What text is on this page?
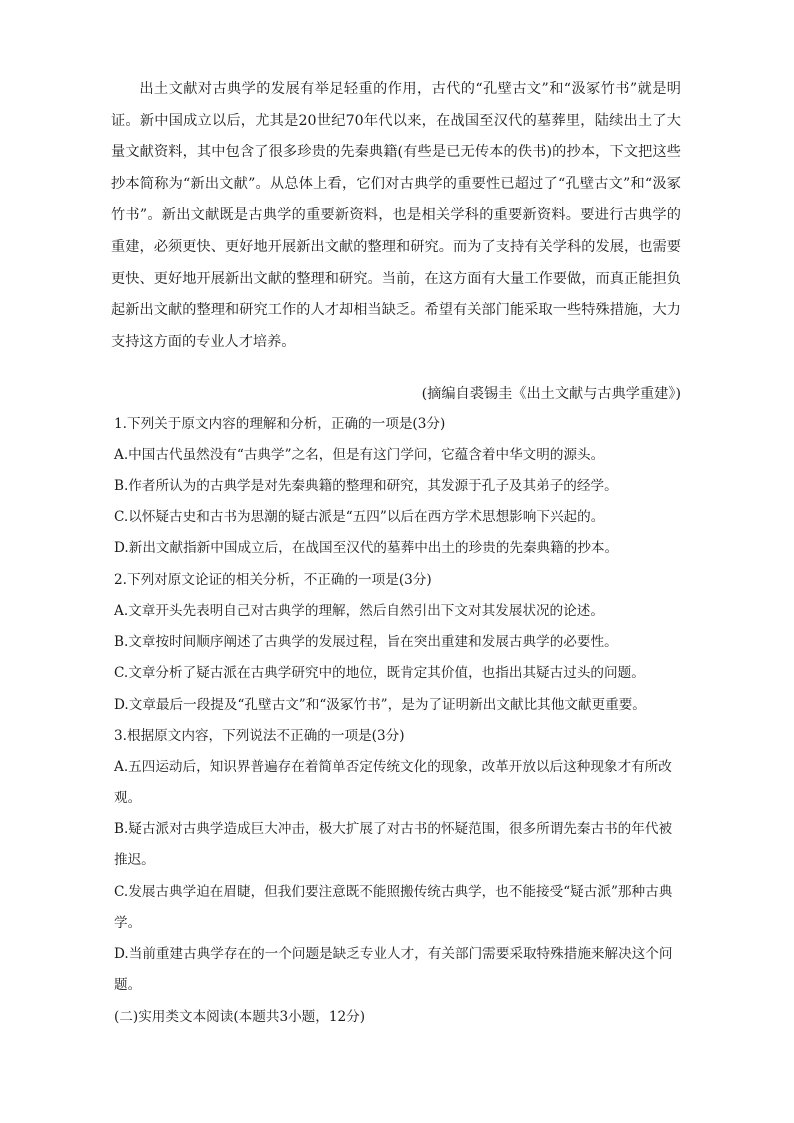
出土文献对古典学的发展有举足轻重的作用，古代的“孔壁古文”和“汲冢竹书”就是明证。新中国成立以后，尤其是20世纪70年代以来，在战国至汉代的墓葬里，陆续出土了大量文献资料，其中包含了很多珍贵的先秦典籍(有些是已无传本的佚书)的抄本，下文把这些抄本简称为“新出文献”。从总体上看，它们对古典学的重要性已超过了“孔壁古文”和“汲冢竹书”。新出文献既是古典学的重要新资料，也是相关学科的重要新资料。要进行古典学的重建，必须更快、更好地开展新出文献的整理和研究。而为了支持有关学科的发展，也需要更快、更好地开展新出文献的整理和研究。当前，在这方面有大量工作要做，而真正能担负起新出文献的整理和研究工作的人才却相当缺乏。希望有关部门能采取一些特殊措施，大力支持这方面的专业人才培养。
(摘编自裘锡圭《出土文献与古典学重建》)
1.下列关于原文内容的理解和分析，正确的一项是(3分)
A.中国古代虽然没有“古典学”之名，但是有这门学问，它蕴含着中华文明的源头。
B.作者所认为的古典学是对先秦典籍的整理和研究，其发源于孔子及其弟子的经学。
C.以怀疑古史和古书为思潮的疑古派是“五四”以后在西方学术思想影响下兴起的。
D.新出文献指新中国成立后，在战国至汉代的墓葬中出土的珍贵的先秦典籍的抄本。
2.下列对原文论证的相关分析，不正确的一项是(3分)
A.文章开头先表明自己对古典学的理解，然后自然引出下文对其发展状况的论述。
B.文章按时间顺序阐述了古典学的发展过程，旨在突出重建和发展古典学的必要性。
C.文章分析了疑古派在古典学研究中的地位，既肯定其价值，也指出其疑古过头的问题。
D.文章最后一段提及“孔壁古文”和“汲冢竹书”，是为了证明新出文献比其他文献更重要。
3.根据原文内容，下列说法不正确的一项是(3分)
A.五四运动后，知识界普遍存在着简单否定传统文化的现象，改革开放以后这种现象才有所改观。
B.疑古派对古典学造成巨大冲击，极大扩展了对古书的怀疑范围，很多所谓先秦古书的年代被推迟。
C.发展古典学迫在眉睫，但我们要注意既不能照搬传统古典学，也不能接受“疑古派”那种古典学。
D.当前重建古典学存在的一个问题是缺乏专业人才，有关部门需要采取特殊措施来解决这个问题。
(二)实用类文本阅读(本题共3小题，12分)
